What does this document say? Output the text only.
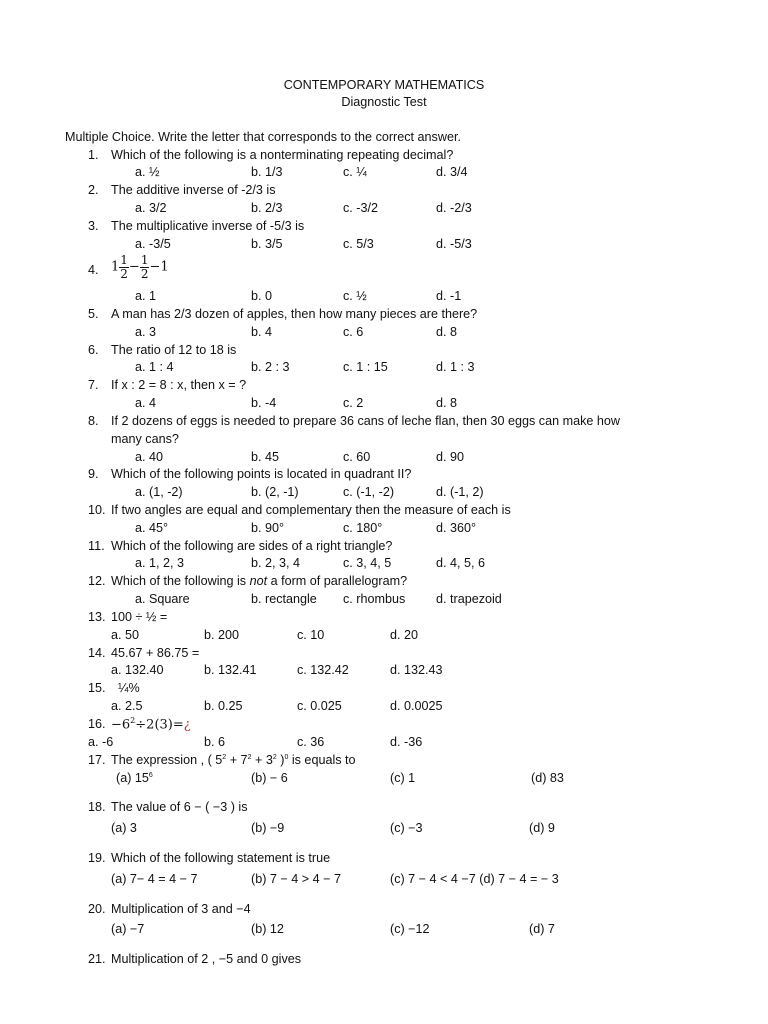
CONTEMPORARY MATHEMATICS
Diagnostic Test
Multiple Choice. Write the letter that corresponds to the correct answer.
1. Which of the following is a nonterminating repeating decimal?
a. ½	b. 1/3	c. ¼	d. 3/4
2. The additive inverse of -2/3 is
a. 3/2	b. 2/3	c. -3/2	d. -2/3
3. The multiplicative inverse of -5/3 is
a. -3/5	b. 3/5	c. 5/3	d. -5/3
4. $1 \frac{1}{2} - \frac{1}{2} -1$
a. 1	b. 0	c. ½	d. -1
5. A man has 2/3 dozen of apples, then how many pieces are there?
a. 3	b. 4	c. 6	d. 8
6. The ratio of 12 to 18 is
a. 1 : 4	b. 2 : 3	c. 1 : 15	d. 1 : 3
7. If x : 2 = 8 : x, then x = ?
a. 4	b. -4	c. 2	d. 8
8. If 2 dozens of eggs is needed to prepare 36 cans of leche flan, then 30 eggs can make how
many cans?
a. 40	b. 45	c. 60	d. 90
9. Which of the following points is located in quadrant II?
a. (1, -2)	b. (2, -1)	c. (-1, -2)	d. (-1, 2)
10. If two angles are equal and complementary then the measure of each is
a. 45°	b. 90°	c. 180°	d. 360°
11. Which of the following are sides of a right triangle?
a. 1, 2, 3	b. 2, 3, 4	c. 3, 4, 5	d. 4, 5, 6
12. Which of the following is not a form of parallelogram?
a. Square	b. rectangle c. rhombus d. trapezoid
13. 100 ÷ ½ =
a. 50	b. 200	c. 10	d. 20
14. 45.67 + 86.75 =
a. 132.40	b. 132.41	c. 132.42	d. 132.43
15. ¼%
a. 2.5	b. 0.25	c. 0.025	d. 0.0025
16. $-6^2\div 2(3)=¿$
a. -6	b. 6	c. 36	d. -36
17. The expression , ( $5^2 + 7^2 + 3^2$ )$^0$ is equals to
(a) $15^6$	(b) − 6	(c) 1	(d) 83
18. The value of 6 − ( −3 ) is
(a) 3	(b) −9	(c) −3	(d) 9
19. Which of the following statement is true
(a) 7− 4 = 4 − 7	(b) 7 − 4 > 4 − 7	(c) 7 − 4 < 4 −7 (d) 7 − 4 = − 3
20. Multiplication of 3 and −4
(a) −7	(b) 12	(c) −12	(d) 7
21. Multiplication of 2 , −5 and 0 gives
